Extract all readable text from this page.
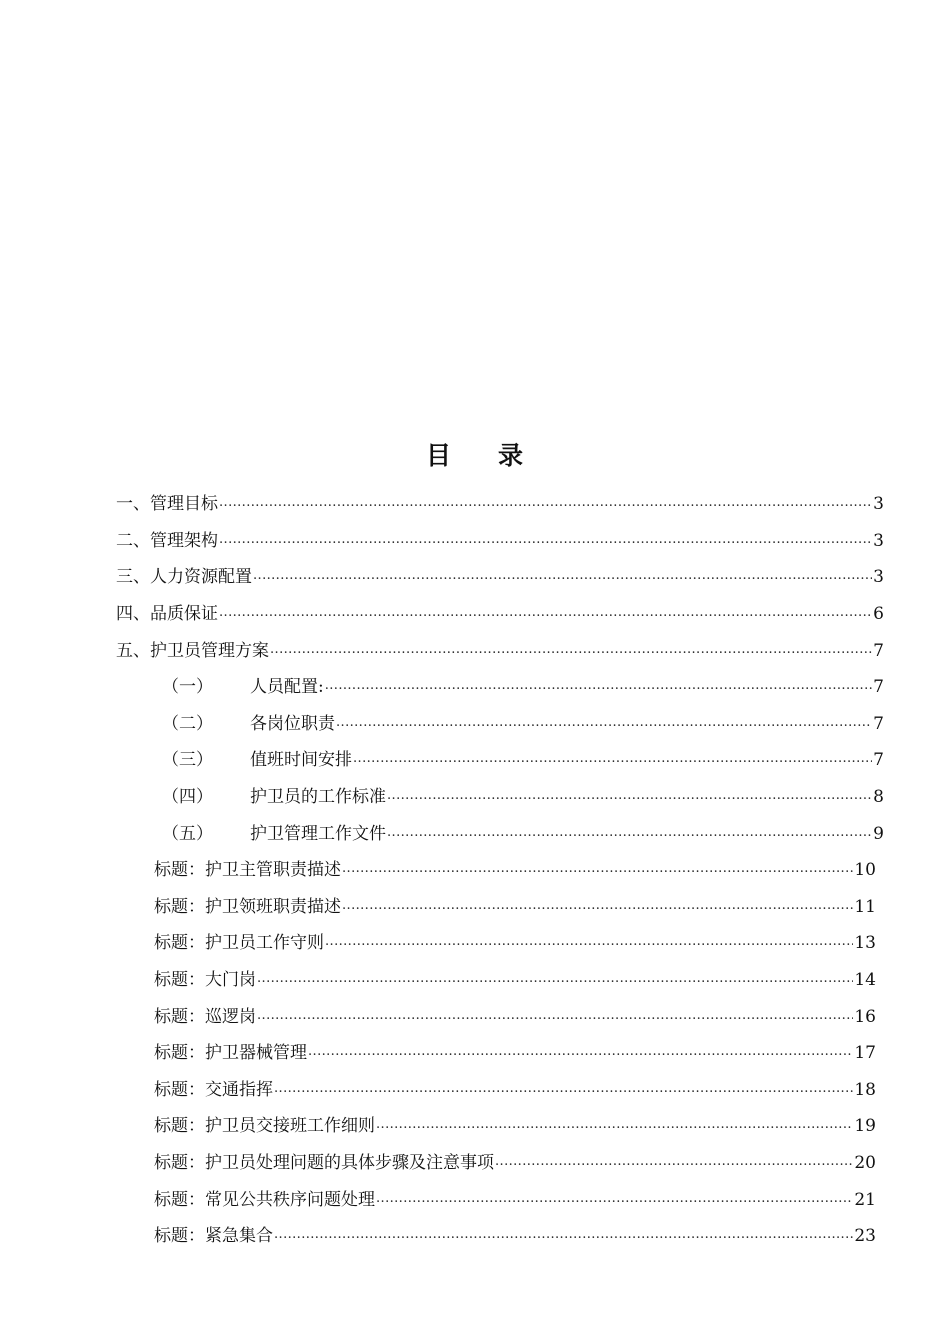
目 录
一、管理目标 .....	3
二、管理架构 .....	3
三、人力资源配置 .....	3
四、品质保证 .....	6
五、护卫员管理方案 .....	7
（一） 人员配置: .....	7
（二） 各岗位职责 .....	7
（三） 值班时间安排 .....	7
（四） 护卫员的工作标准 .....	8
（五） 护卫管理工作文件 .....	9
标题：护卫主管职责描述 .....	10
标题：护卫领班职责描述 .....	11
标题：护卫员工作守则 .....	13
标题：大门岗 .....	14
标题：巡逻岗 .....	16
标题：护卫器械管理 .....	17
标题：交通指挥 .....	18
标题：护卫员交接班工作细则 .....	19
标题：护卫员处理问题的具体步骤及注意事项 .....	20
标题：常见公共秩序问题处理 .....	21
标题：紧急集合 .....	23
